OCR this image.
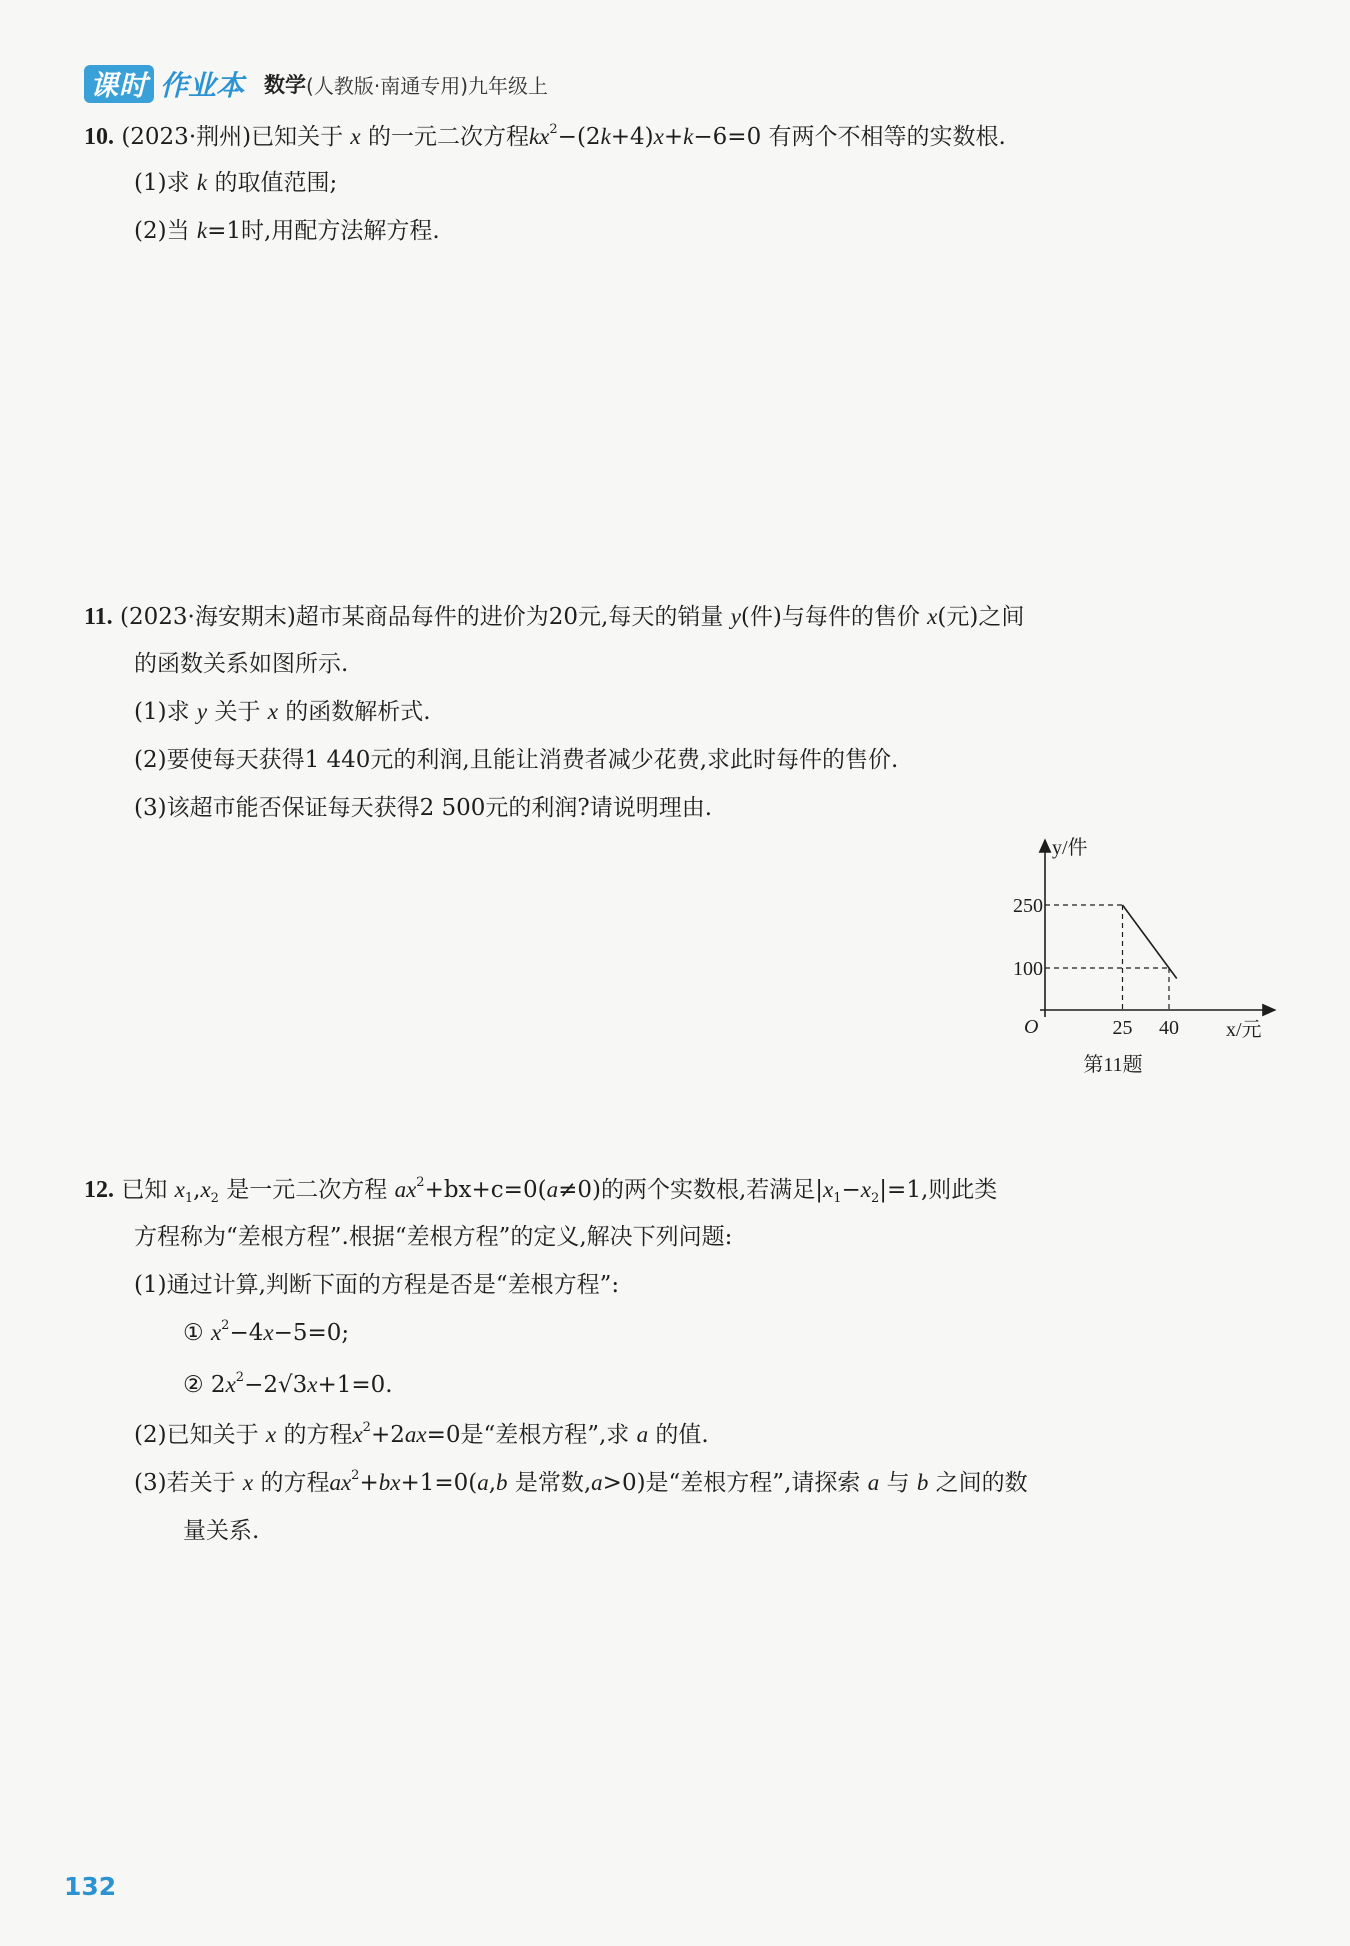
课时 作业本 数学 (人教版·南通专用)九年级上
10. (2023·荆州)已知关于 x 的一元二次方程$kx^2-(2k+4)x+k-6=0$ 有两个不相等的实数根.
(1)求 k 的取值范围;
(2)当 k=1时,用配方法解方程.
11. (2023·海安期末)超市某商品每件的进价为20元,每天的销量 y(件)与每件的售价 x(元)之间
的函数关系如图所示.
(1)求 y 关于 x 的函数解析式.
(2)要使每天获得1 440元的利润,且能让消费者减少花费,求此时每件的售价.
(3)该超市能否保证每天获得2 500元的利润?请说明理由.
y/件
x/元
O
250
100
25 40
第11题
12. 已知 $x_1,x_2$ 是一元二次方程 $ax^2+bx+c=0(a\ne 0)$的两个实数根,若满足$|x_1-x_2|=1$,则此类
方程称为“差根方程”.根据“差根方程”的定义,解决下列问题:
(1)通过计算,判断下面的方程是否是“差根方程”:
① $x^2-4x-5=0$;
② $2x^2-2√3x+1=0$.
(2)已知关于 x 的方程$x^2+2ax=0$是“差根方程”,求 a 的值.
(3)若关于 x 的方程$ax^2+bx+1=0(a,b$ 是常数,a>0)是“差根方程”,请探索 a 与 b 之间的数
量关系.
132
